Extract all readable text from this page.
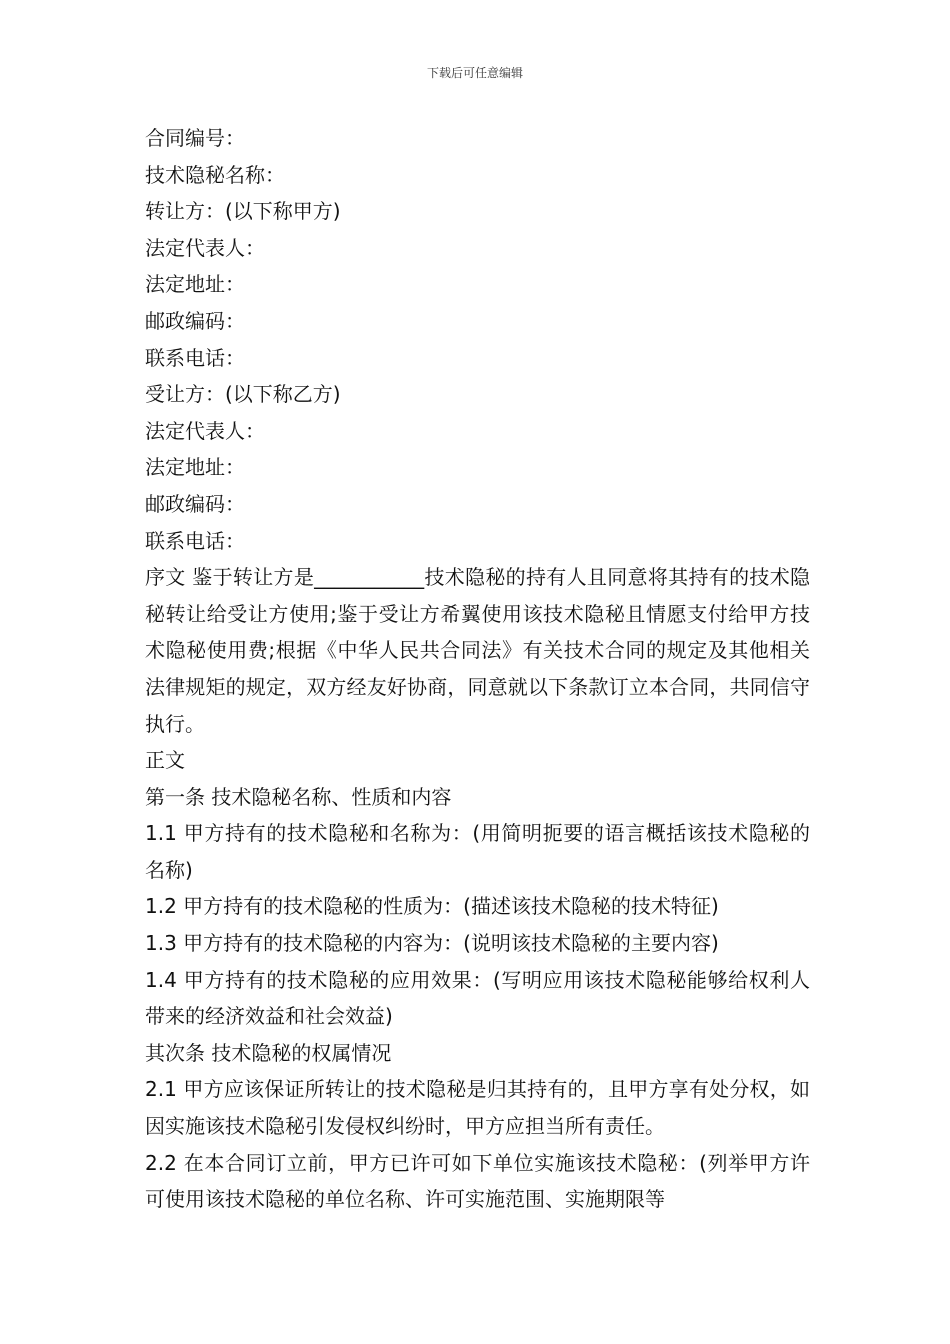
下载后可任意编辑
合同编号：
技术隐秘名称：
转让方：(以下称甲方)
法定代表人：
法定地址：
邮政编码：
联系电话：
受让方：(以下称乙方)
法定代表人：
法定地址：
邮政编码：
联系电话：
序文 鉴于转让方是___________技术隐秘的持有人且同意将其持有的技术隐秘转让给受让方使用;鉴于受让方希翼使用该技术隐秘且情愿支付给甲方技术隐秘使用费;根据《中华人民共合同法》有关技术合同的规定及其他相关法律规矩的规定，双方经友好协商，同意就以下条款订立本合同，共同信守执行。
正文
第一条 技术隐秘名称、性质和内容
1.1 甲方持有的技术隐秘和名称为：(用简明扼要的语言概括该技术隐秘的名称)
1.2 甲方持有的技术隐秘的性质为：(描述该技术隐秘的技术特征)
1.3 甲方持有的技术隐秘的内容为：(说明该技术隐秘的主要内容)
1.4 甲方持有的技术隐秘的应用效果：(写明应用该技术隐秘能够给权利人带来的经济效益和社会效益)
其次条 技术隐秘的权属情况
2.1 甲方应该保证所转让的技术隐秘是归其持有的，且甲方享有处分权，如因实施该技术隐秘引发侵权纠纷时，甲方应担当所有责任。
2.2 在本合同订立前，甲方已许可如下单位实施该技术隐秘：(列举甲方许可使用该技术隐秘的单位名称、许可实施范围、实施期限等
